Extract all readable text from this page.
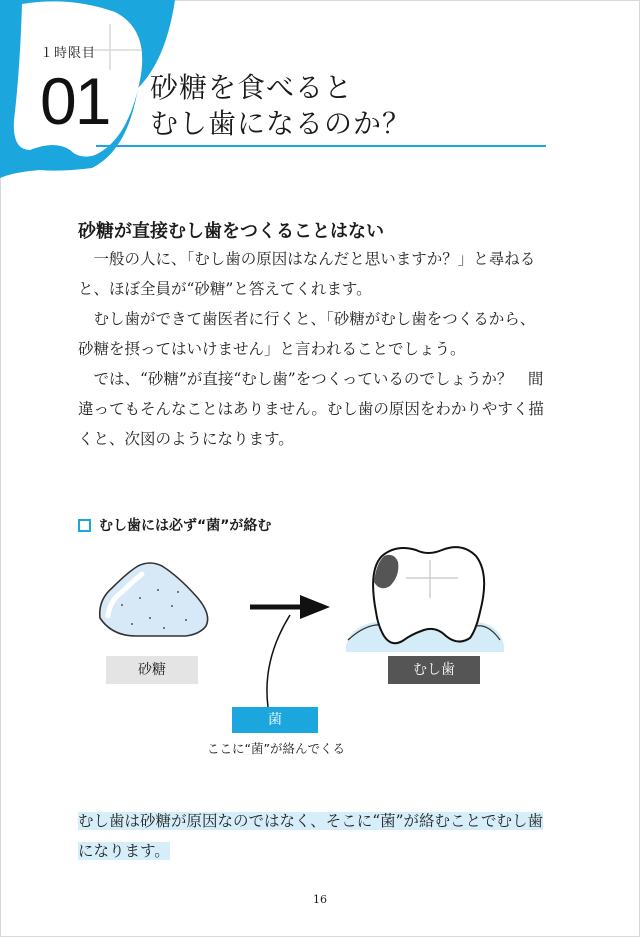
１時限目
01 砂糖を食べると
むし歯になるのか？
砂糖が直接むし歯をつくることはない

一般の人に、「むし歯の原因はなんだと思いますか？」と尋ねると、ほぼ全員が“砂糖”と答えてくれます。

むし歯ができて歯医者に行くと、「砂糖がむし歯をつくるから、砂糖を摂ってはいけません」と言われることでしょう。

では、“砂糖”が直接“むし歯”をつくっているのでしょうか？　間違ってもそんなことはありません。むし歯の原因をわかりやすく描くと、次図のようになります。

むし歯には必ず“菌”が絡む
砂糖	むし歯
菌
ここに“菌”が絡んでくる
むし歯は砂糖が原因なのではなく、そこに“菌”が絡むことでむし歯になります。
16
